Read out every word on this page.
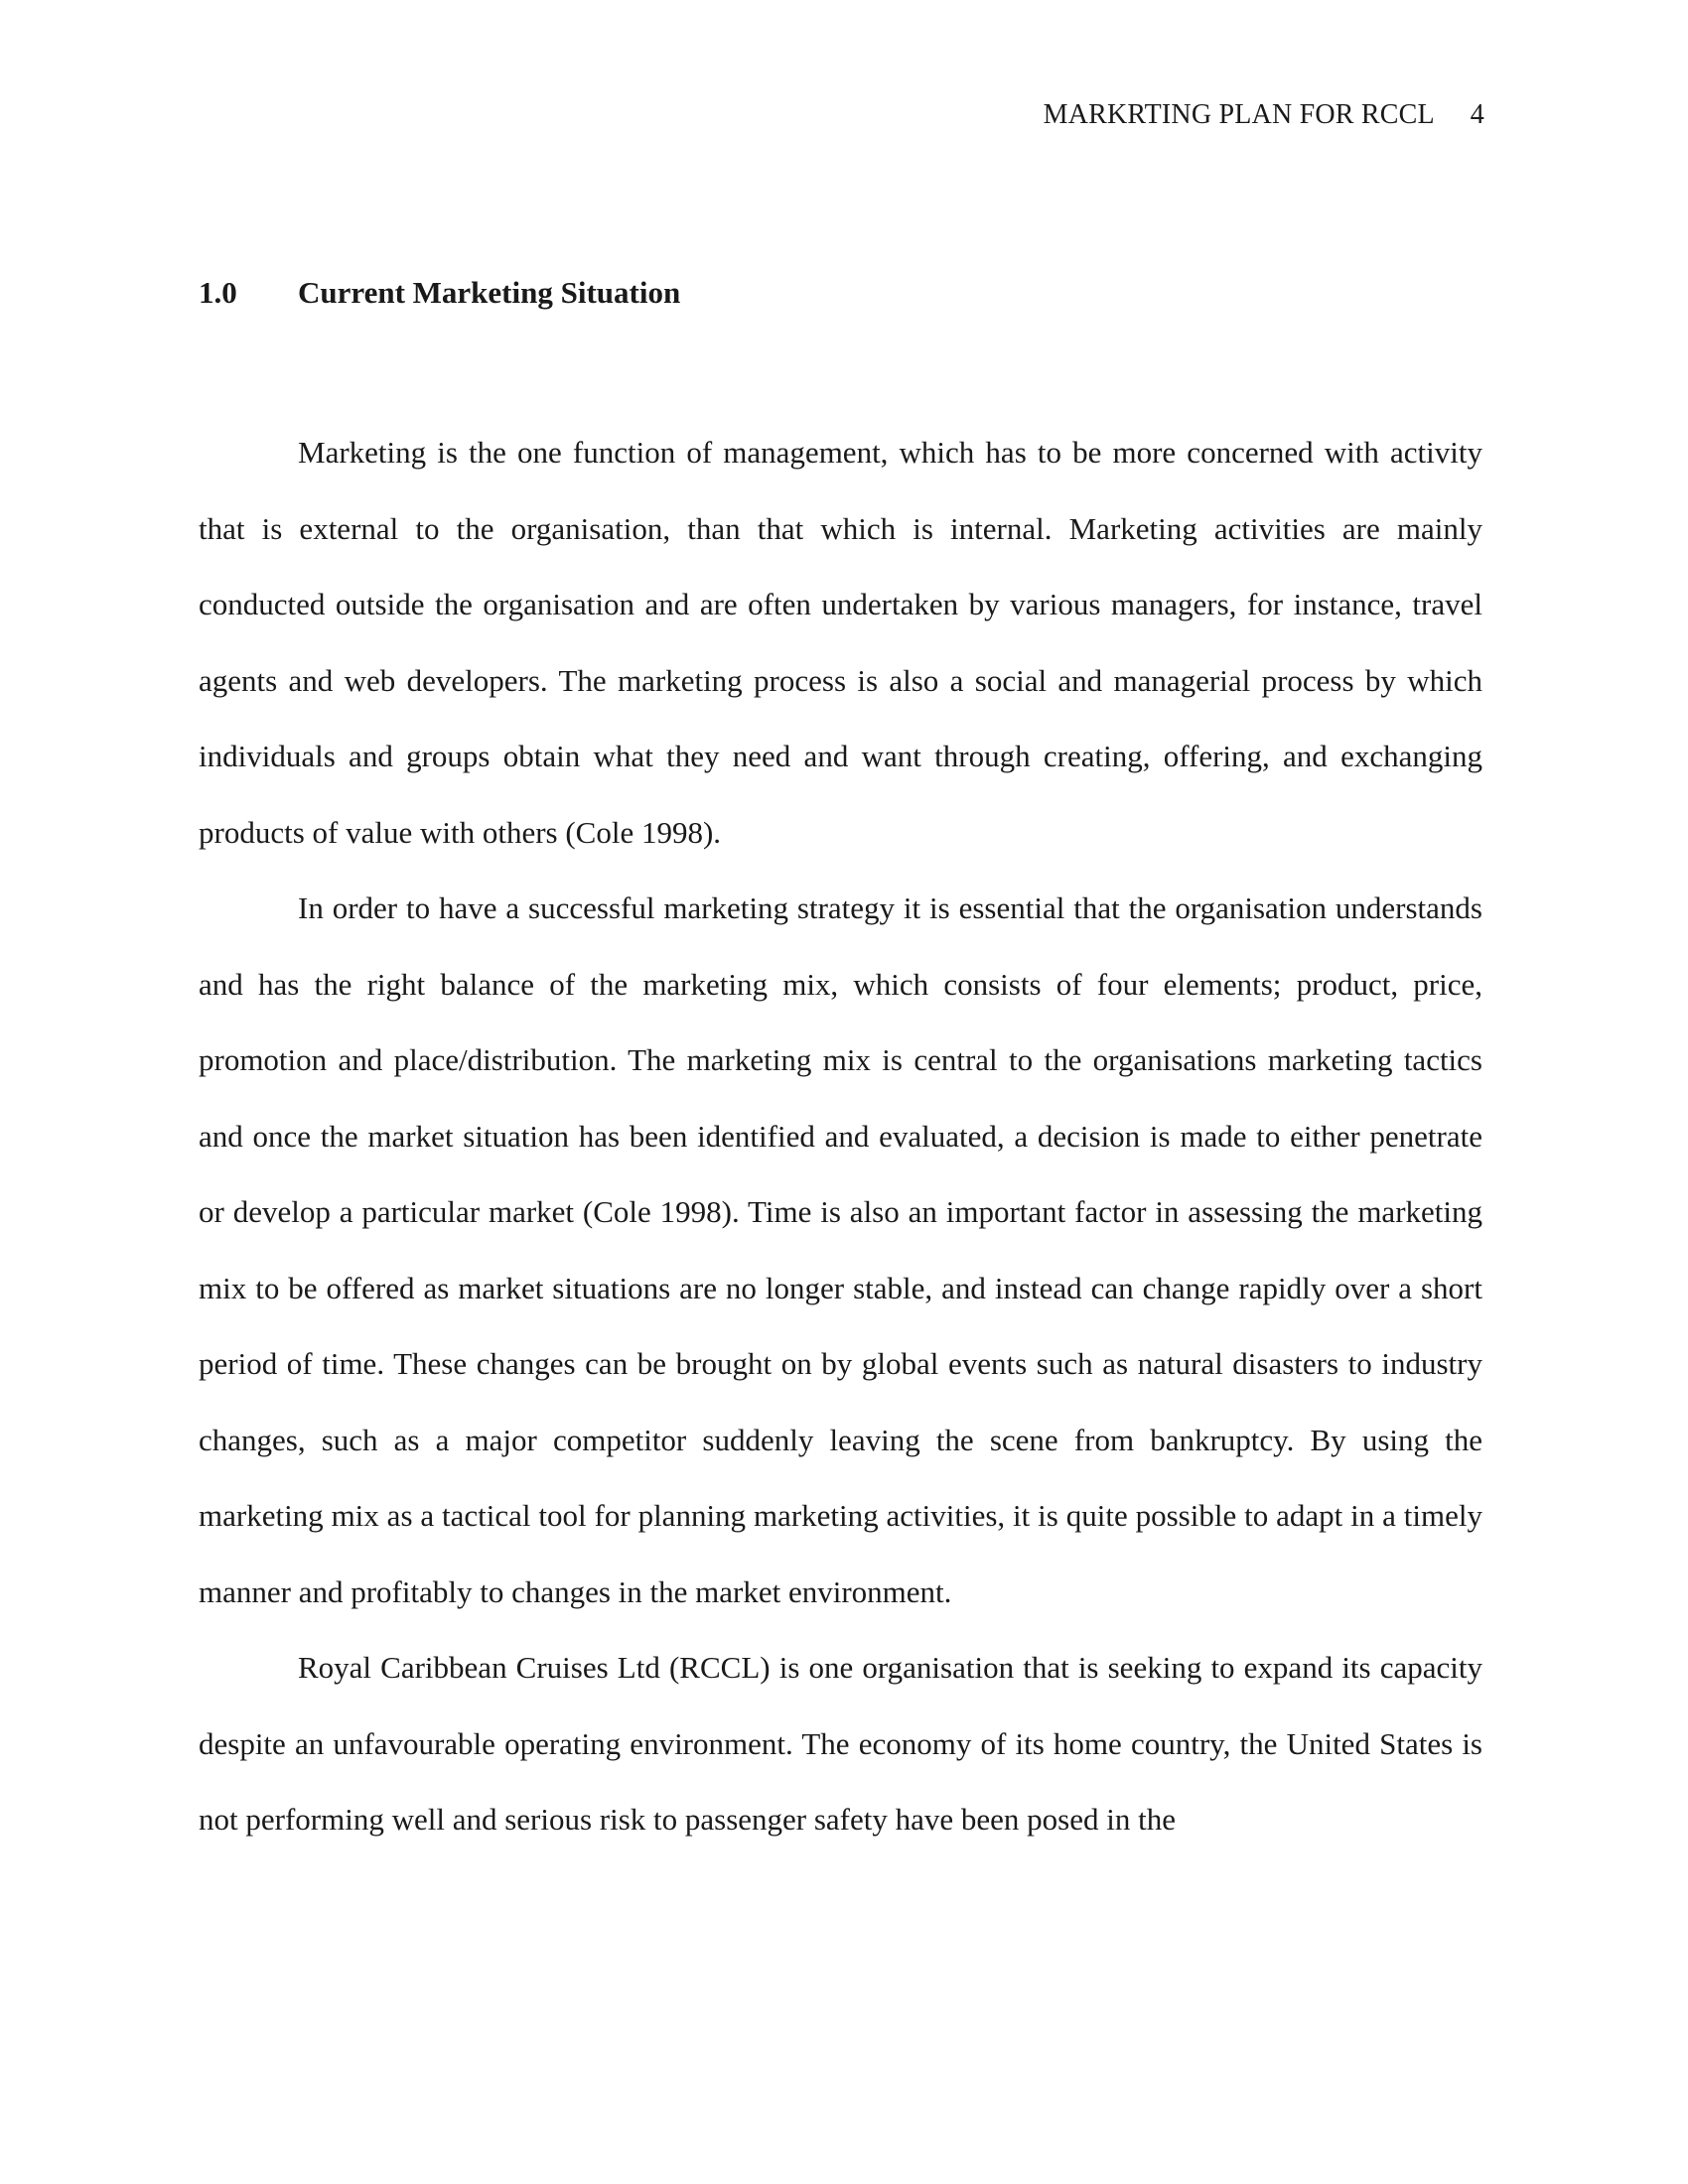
MARKRTING PLAN FOR RCCL 4
1.0 Current Marketing Situation

Marketing is the one function of management, which has to be more concerned with activity that is external to the organisation, than that which is internal. Marketing activities are mainly conducted outside the organisation and are often undertaken by various managers, for instance, travel agents and web developers. The marketing process is also a social and managerial process by which individuals and groups obtain what they need and want through creating, offering, and exchanging products of value with others (Cole 1998).

In order to have a successful marketing strategy it is essential that the organisation understands and has the right balance of the marketing mix, which consists of four elements; product, price, promotion and place/distribution. The marketing mix is central to the organisations marketing tactics and once the market situation has been identified and evaluated, a decision is made to either penetrate or develop a particular market (Cole 1998). Time is also an important factor in assessing the marketing mix to be offered as market situations are no longer stable, and instead can change rapidly over a short period of time. These changes can be brought on by global events such as natural disasters to industry changes, such as a major competitor suddenly leaving the scene from bankruptcy. By using the marketing mix as a tactical tool for planning marketing activities, it is quite possible to adapt in a timely manner and profitably to changes in the market environment.

Royal Caribbean Cruises Ltd (RCCL) is one organisation that is seeking to expand its capacity despite an unfavourable operating environment. The economy of its home country, the United States is not performing well and serious risk to passenger safety have been posed in the
